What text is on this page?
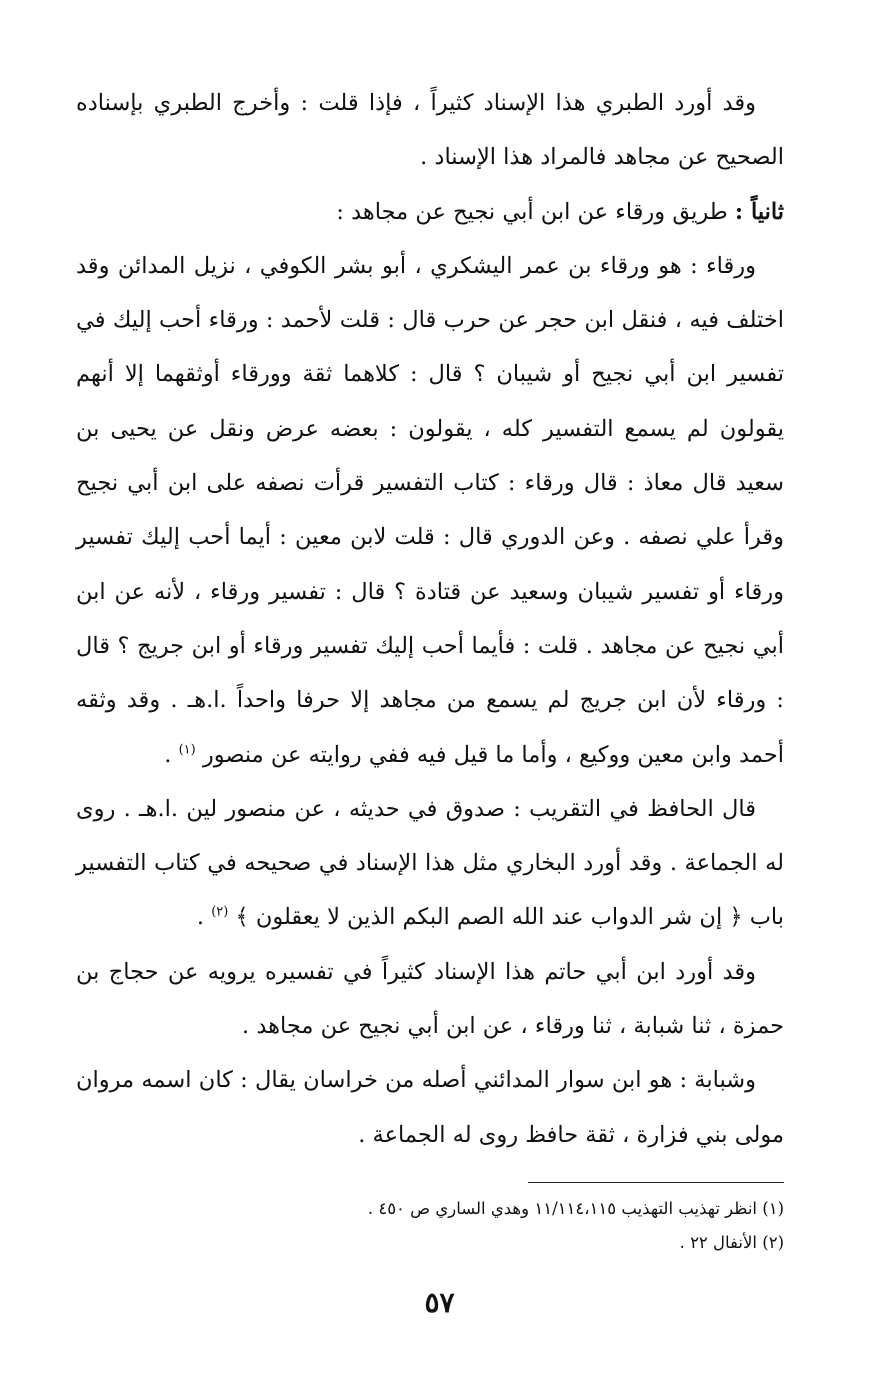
وقد أورد الطبري هذا الإسناد كثيراً ، فإذا قلت : وأخرج الطبري بإسناده الصحيح عن مجاهد فالمراد هذا الإسناد .

ثانياً : طريق ورقاء عن ابن أبي نجيح عن مجاهد :

ورقاء : هو ورقاء بن عمر اليشكري ، أبو بشر الكوفي ، نزيل المدائن وقد اختلف فيه ، فنقل ابن حجر عن حرب قال : قلت لأحمد : ورقاء أحب إليك في تفسير ابن أبي نجيح أو شيبان ؟ قال : كلاهما ثقة وورقاء أوثقهما إلا أنهم يقولون لم يسمع التفسير كله ، يقولون : بعضه عرض ونقل عن يحيى بن سعيد قال معاذ : قال ورقاء : كتاب التفسير قرأت نصفه على ابن أبي نجيح وقرأ علي نصفه . وعن الدوري قال : قلت لابن معين : أيما أحب إليك تفسير ورقاء أو تفسير شيبان وسعيد عن قتادة ؟ قال : تفسير ورقاء ، لأنه عن ابن أبي نجيح عن مجاهد . قلت : فأيما أحب إليك تفسير ورقاء أو ابن جريج ؟ قال : ورقاء لأن ابن جريج لم يسمع من مجاهد إلا حرفا واحداً .ا.هـ . وقد وثقه أحمد وابن معين ووكيع ، وأما ما قيل فيه ففي روايته عن منصور $^{(١)}$ .

قال الحافظ في التقريب : صدوق في حديثه ، عن منصور لين .ا.هـ . روى له الجماعة . وقد أورد البخاري مثل هذا الإسناد في صحيحه في كتاب التفسير باب ﴿ إن شر الدواب عند الله الصم البكم الذين لا يعقلون ﴾ $^{(٢)}$ .

وقد أورد ابن أبي حاتم هذا الإسناد كثيراً في تفسيره يرويه عن حجاج بن حمزة ، ثنا شبابة ، ثنا ورقاء ، عن ابن أبي نجيح عن مجاهد .

وشبابة : هو ابن سوار المدائني أصله من خراسان يقال : كان اسمه مروان مولى بني فزارة ، ثقة حافظ روى له الجماعة .

(١) انظر تهذيب التهذيب ١١/١١٤،١١٥ وهدي الساري ص ٤٥٠ .

(٢) الأنفال ٢٢ .

٥٧
